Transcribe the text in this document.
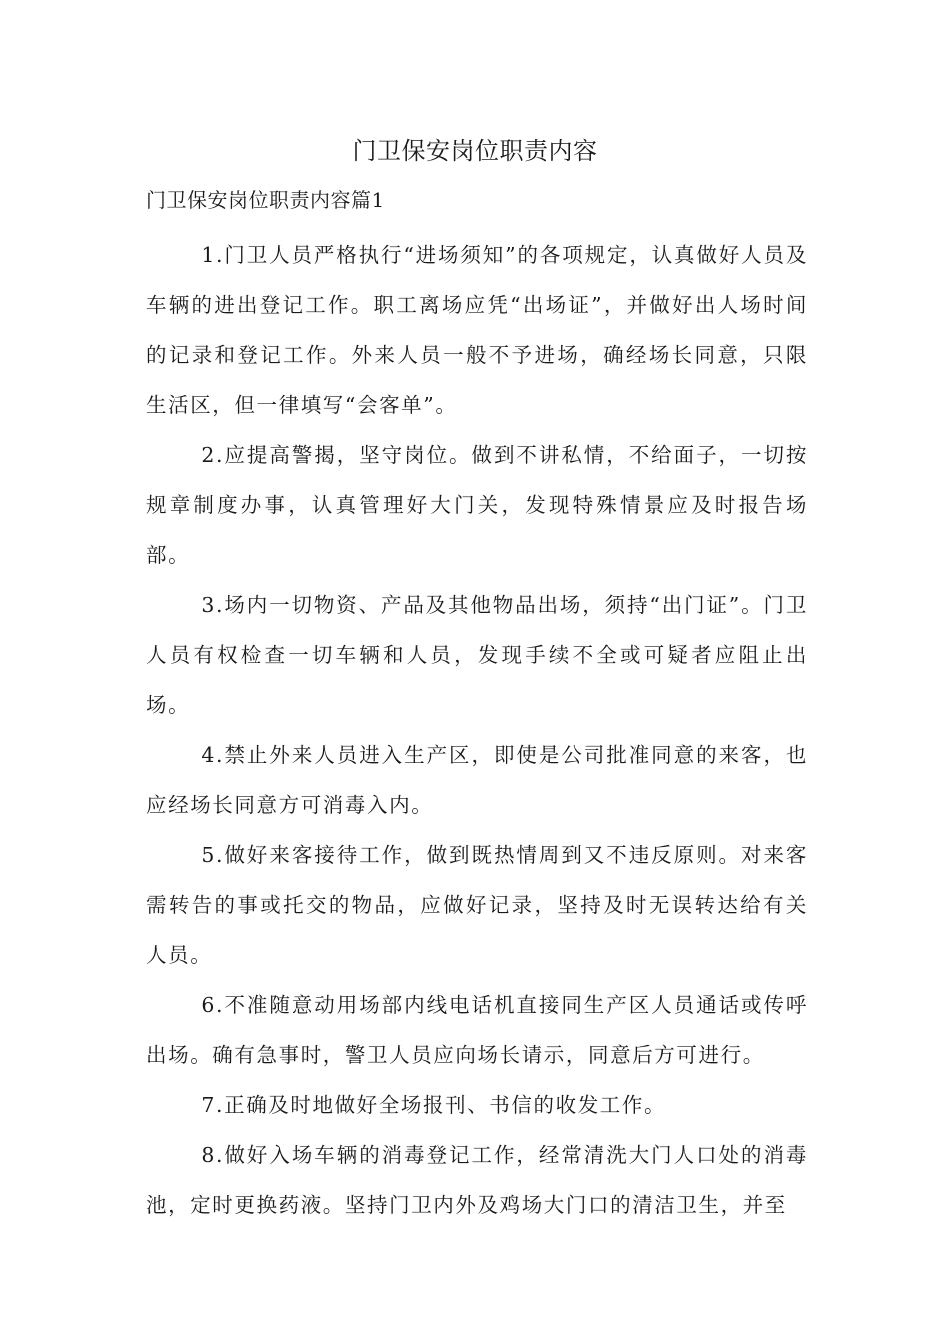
门卫保安岗位职责内容
门卫保安岗位职责内容篇1

1.门卫人员严格执行“进场须知”的各项规定，认真做好人员及车辆的进出登记工作。职工离场应凭“出场证”，并做好出人场时间的记录和登记工作。外来人员一般不予进场，确经场长同意，只限生活区，但一律填写“会客单”。

2.应提高警揭，坚守岗位。做到不讲私情，不给面子，一切按规章制度办事，认真管理好大门关，发现特殊情景应及时报告场部。

3.场内一切物资、产品及其他物品出场，须持“出门证”。门卫人员有权检查一切车辆和人员，发现手续不全或可疑者应阻止出场。

4.禁止外来人员进入生产区，即使是公司批准同意的来客，也应经场长同意方可消毒入内。

5.做好来客接待工作，做到既热情周到又不违反原则。对来客需转告的事或托交的物品，应做好记录，坚持及时无误转达给有关人员。

6.不准随意动用场部内线电话机直接同生产区人员通话或传呼出场。确有急事时，警卫人员应向场长请示，同意后方可进行。

7.正确及时地做好全场报刊、书信的收发工作。

8.做好入场车辆的消毒登记工作，经常清洗大门人口处的消毒池，定时更换药液。坚持门卫内外及鸡场大门口的清洁卫生，并至
